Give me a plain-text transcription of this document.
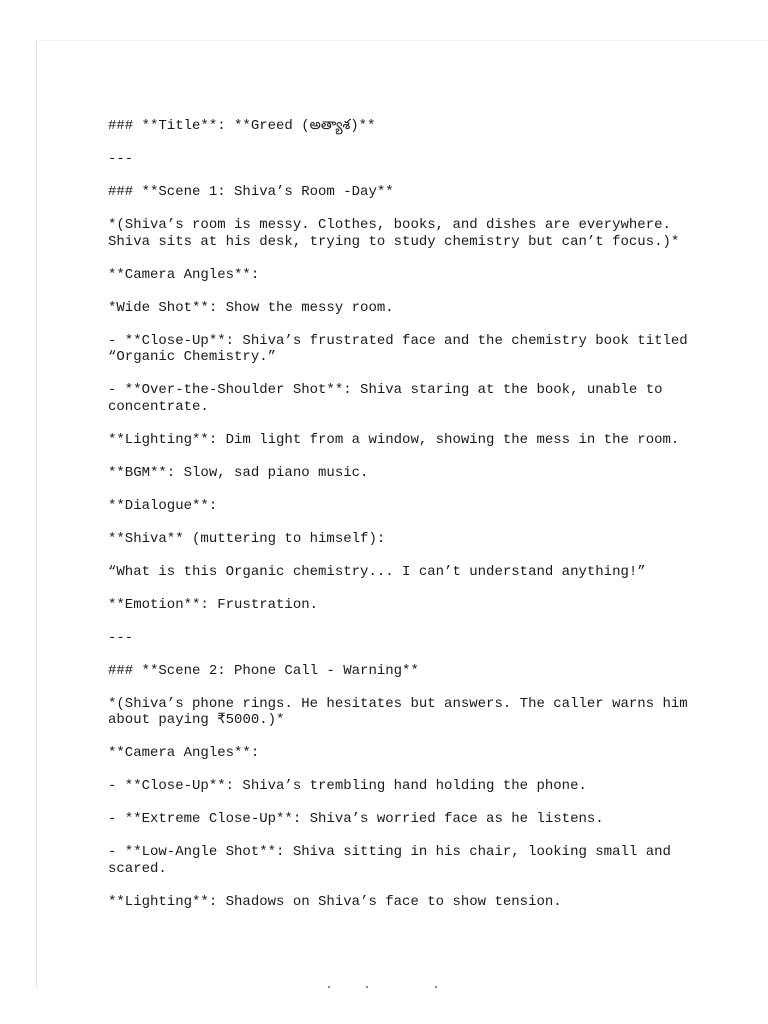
### **Title**: **Greed (అత్యాశ)**

---

### **Scene 1: Shiva’s Room -Day**

*(Shiva’s room is messy. Clothes, books, and dishes are everywhere. Shiva sits at his desk, trying to study chemistry but can’t focus.)*

**Camera Angles**:

*Wide Shot**: Show the messy room.

- **Close-Up**: Shiva’s frustrated face and the chemistry book titled “Organic Chemistry.”

- **Over-the-Shoulder Shot**: Shiva staring at the book, unable to concentrate.

**Lighting**: Dim light from a window, showing the mess in the room.

**BGM**: Slow, sad piano music.

**Dialogue**:

**Shiva** (muttering to himself):

“What is this Organic chemistry... I can’t understand anything!”

**Emotion**: Frustration.

---

### **Scene 2: Phone Call - Warning**

*(Shiva’s phone rings. He hesitates but answers. The caller warns him about paying ₹5000.)*

**Camera Angles**:

- **Close-Up**: Shiva’s trembling hand holding the phone.

- **Extreme Close-Up**: Shiva’s worried face as he listens.

- **Low-Angle Shot**: Shiva sitting in his chair, looking small and scared.

**Lighting**: Shadows on Shiva’s face to show tension.
